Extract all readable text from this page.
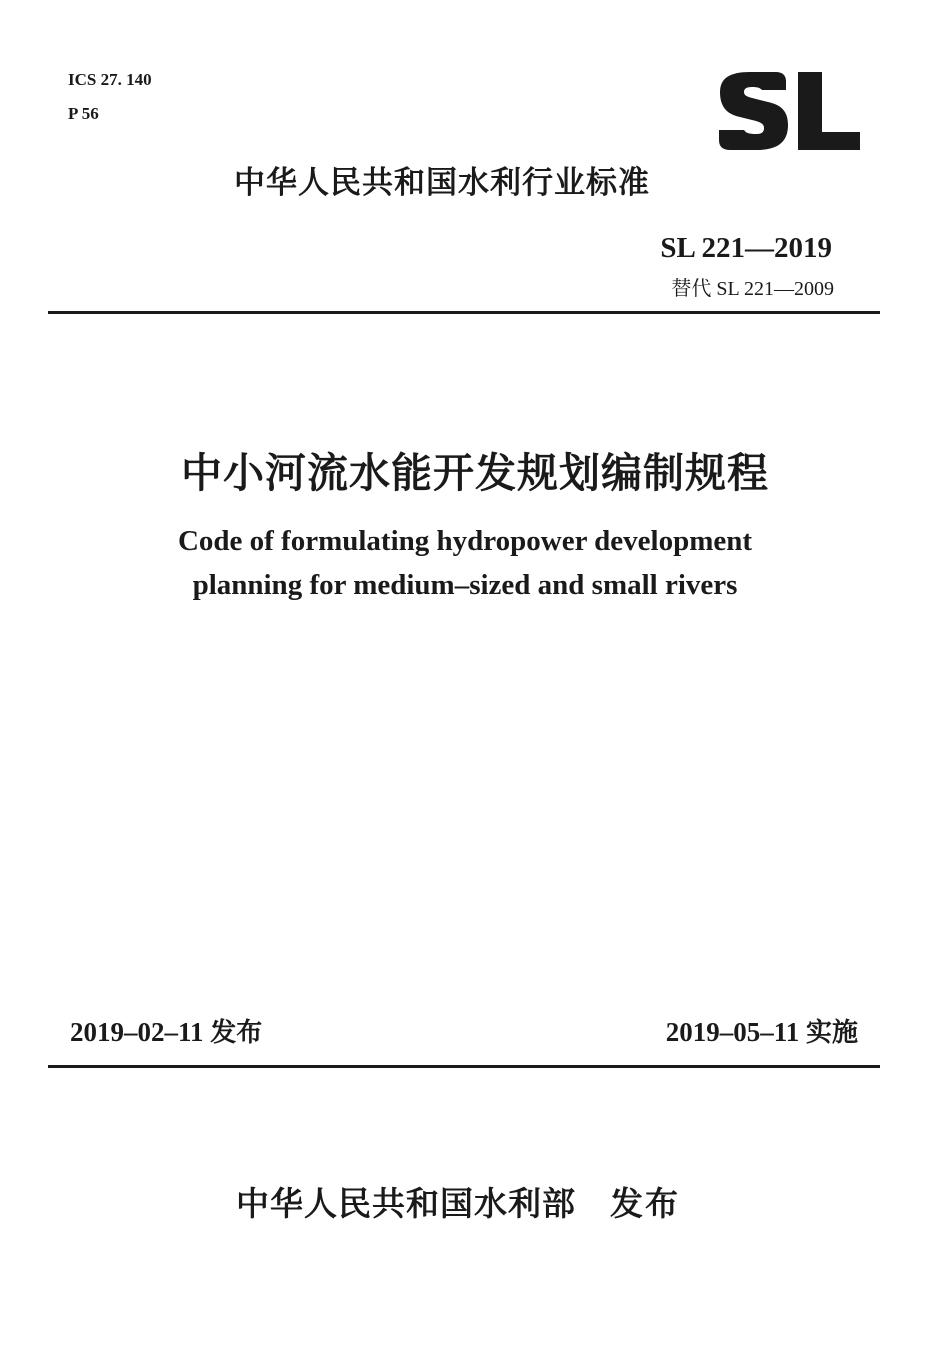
ICS 27. 140
P 56
中华人民共和国水利行业标准
SL 221—2019
替代 SL 221—2009
中小河流水能开发规划编制规程
Code of formulating hydropower development
planning for medium–sized and small rivers
2019–02–11 发布	2019–05–11 实施
中华人民共和国水利部 发布
